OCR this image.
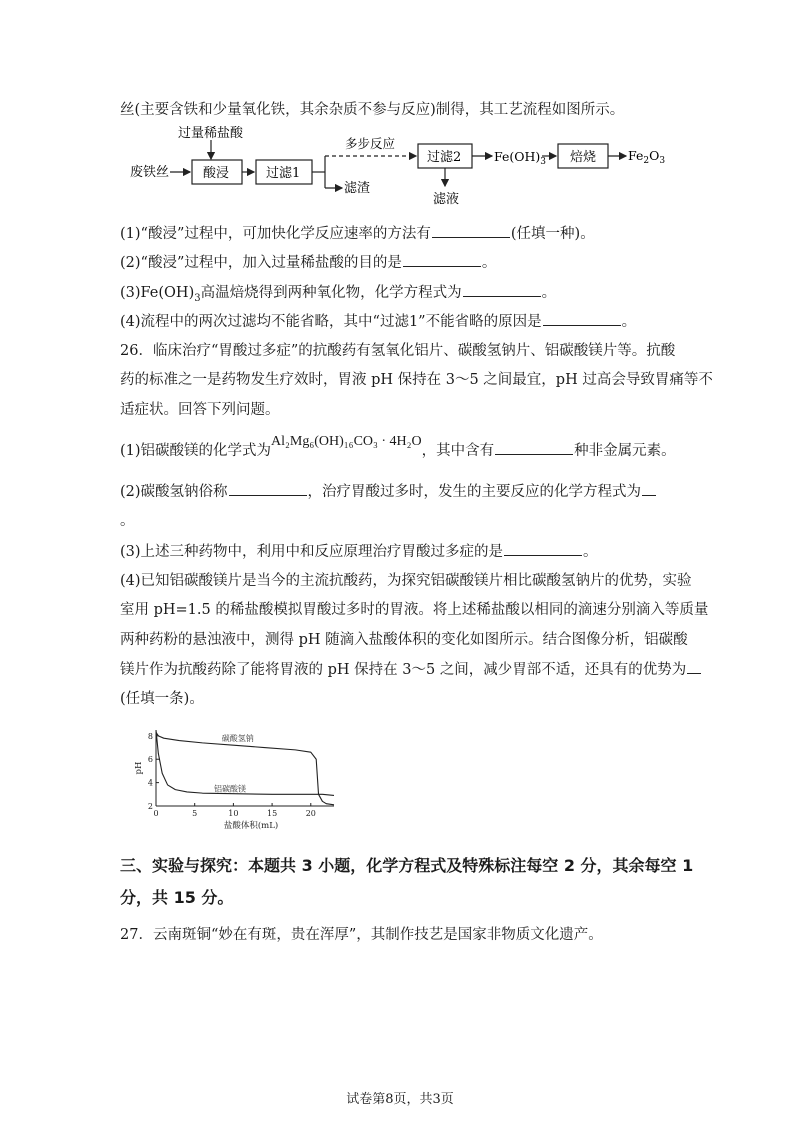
丝(主要含铁和少量氧化铁，其余杂质不参与反应)制得，其工艺流程如图所示。
废铁丝
过量稀盐酸
酸浸	过滤1
多步反应
滤渣
过滤2
滤液
$Fe(OH)_3$ 焙烧	$Fe_2O_3$
(1)“酸浸”过程中，可加快化学反应速率的方法有	(任填一种)。
(2)“酸浸”过程中，加入过量稀盐酸的目的是	。
$(3)Fe(OH)_3$高温焙烧得到两种氧化物，化学方程式为	。
(4)流程中的两次过滤均不能省略，其中“过滤1”不能省略的原因是	。
26．临床治疗“胃酸过多症”的抗酸药有氢氧化铝片、碳酸氢钠片、铝碳酸镁片等。抗酸
药的标准之一是药物发生疗效时，胃液 pH 保持在 3～5 之间最宜，pH 过高会导致胃痛等不
适症状。回答下列问题。
(1)铝碳酸镁的化学式为Al₂Mg₆(OH)₁₆CO₃ · 4H₂O，其中含有	种非金属元素。
(2)碳酸氢钠俗称	，治疗胃酸过多时，发生的主要反应的化学方程式为
。
(3)上述三种药物中，利用中和反应原理治疗胃酸过多症的是	。
(4)已知铝碳酸镁片是当今的主流抗酸药，为探究铝碳酸镁片相比碳酸氢钠片的优势，实验
室用 pH=1.5 的稀盐酸模拟胃酸过多时的胃液。将上述稀盐酸以相同的滴速分别滴入等质量
两种药粉的悬浊液中，测得 pH 随滴入盐酸体积的变化如图所示。结合图像分析，铝碳酸
镁片作为抗酸药除了能将胃液的 pH 保持在 3～5 之间，减少胃部不适，还具有的优势为
(任填一条)。
0	5	10	15	20
2
4
6
8
盐酸体积(mL)
pH
碳酸氢钠
铝碳酸镁
三、实验与探究：本题共 3 小题，化学方程式及特殊标注每空 2 分，其余每空 1
分，共 15 分。
27．云南斑铜“妙在有斑，贵在浑厚”，其制作技艺是国家非物质文化遗产。
试卷第8页，共3页
